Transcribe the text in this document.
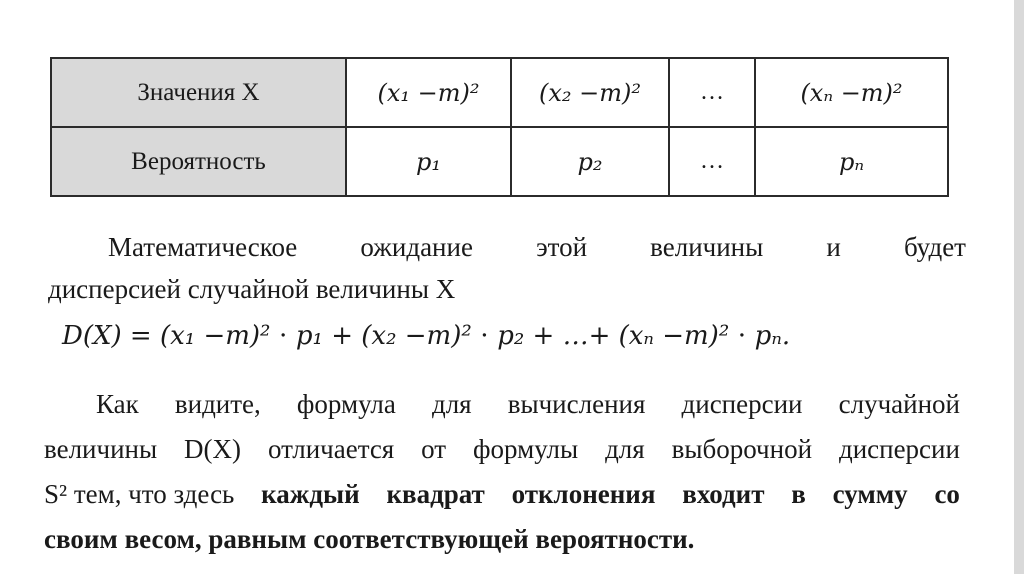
Значения X	(x₁ −m)²	(x₂ −m)²	…	(xₙ −m)²
Вероятность	p₁	p₂	…	pₙ
Математическое ожидание этой величины и будет
дисперсией случайной величины X
D(X) = (x₁ −m)² ⋅ p₁ + (x₂ −m)² ⋅ p₂ + …+ (xₙ −m)² ⋅ pₙ.
Как видите, формула для вычисления дисперсии случайной
величины D(X) отличается от формулы для выборочной дисперсии
S² тем, что здесь каждый квадрат отклонения входит в сумму со
своим весом, равным соответствующей вероятности.
